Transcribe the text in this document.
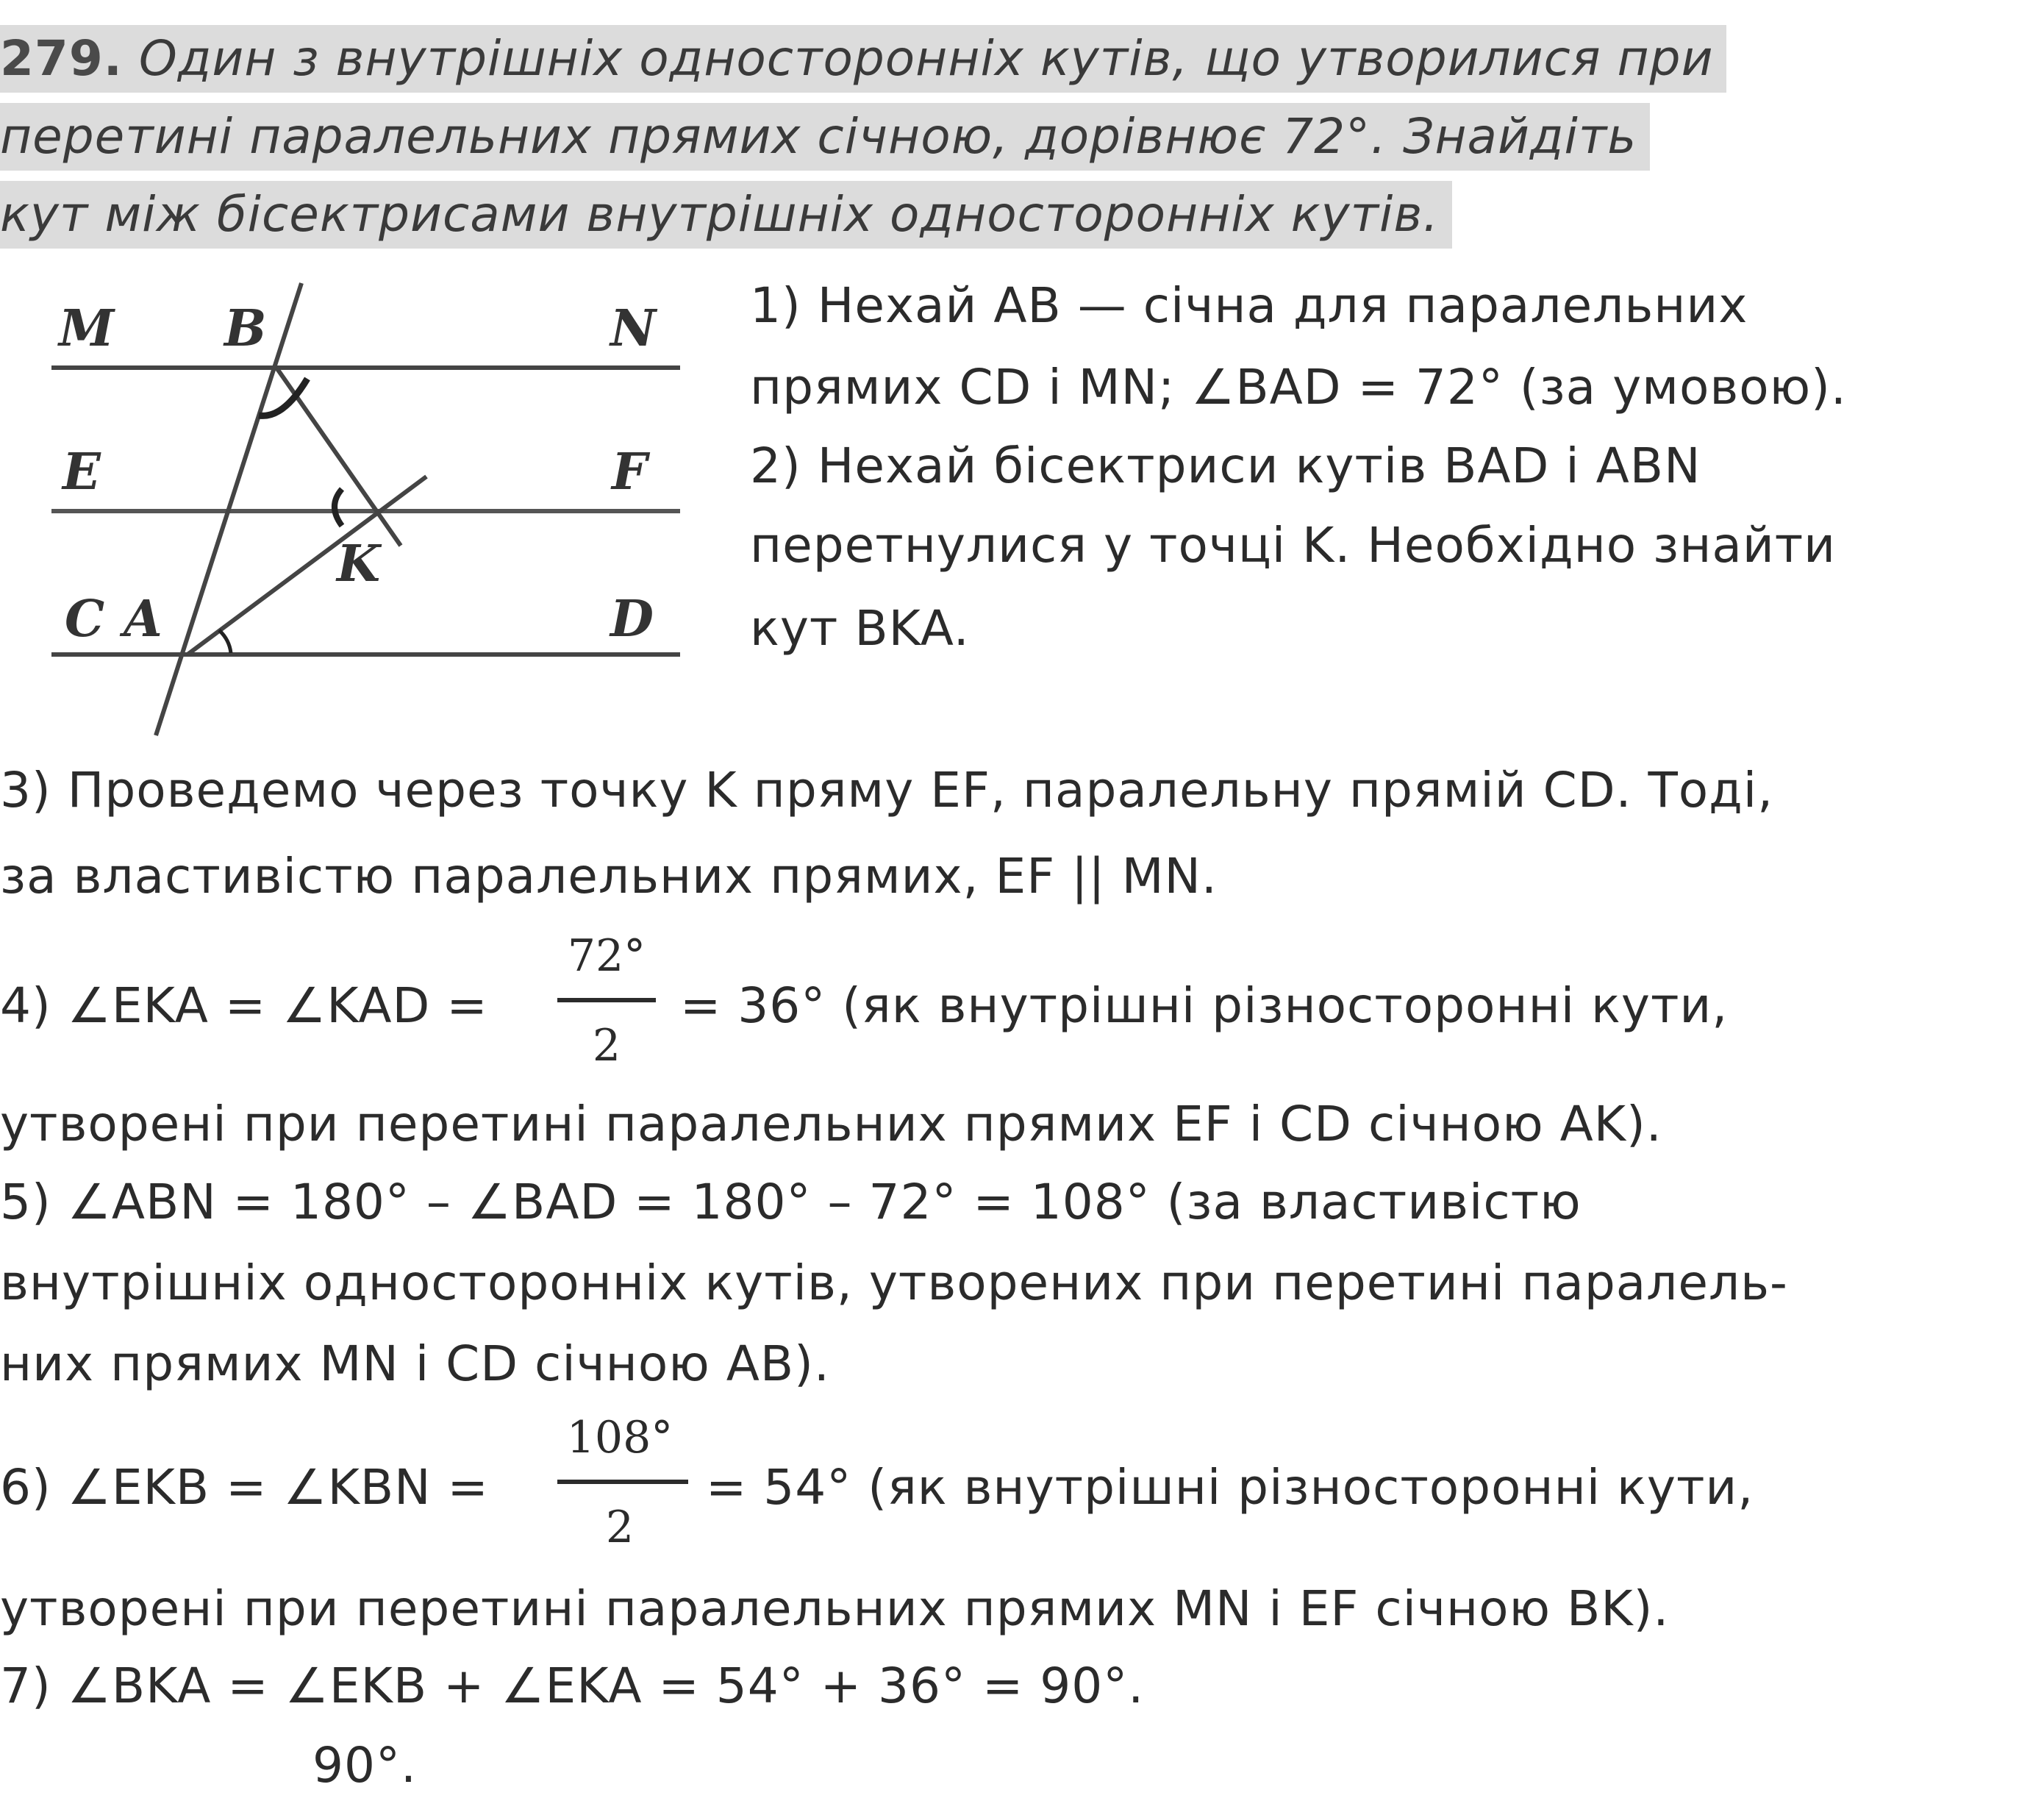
279. Один з внутрішніх односторонніх кутів, що утворилися при
перетині паралельних прямих січною, дорівнює 72°. Знайдіть
кут між бісектрисами внутрішніх односторонніх кутів.
M B	N
E	F
K
C A	D
1) Нехай AB — січна для паралельних
прямих CD і MN; ∠BAD = 72° (за умовою).
2) Нехай бісектриси кутів BAD і ABN
перетнулися у точці K. Необхідно знайти
кут BKA.
3) Проведемо через точку K пряму EF, паралельну прямій CD. Тоді,
за властивістю паралельних прямих, EF || MN.
4) ∠EKA = ∠KAD =
72°
2
= 36° (як внутрішні різносторонні кути,
утворені при перетині паралельних прямих EF і CD січною AK).
5) ∠ABN = 180° – ∠BAD = 180° – 72° = 108° (за властивістю
внутрішніх односторонніх кутів, утворених при перетині паралель-
них прямих MN і CD січною AB).
6) ∠EKB = ∠KBN =
108°
2
= 54° (як внутрішні різносторонні кути,
утворені при перетині паралельних прямих MN і EF січною BK).
7) ∠BKA = ∠EKB + ∠EKA = 54° + 36° = 90°.
90°.
